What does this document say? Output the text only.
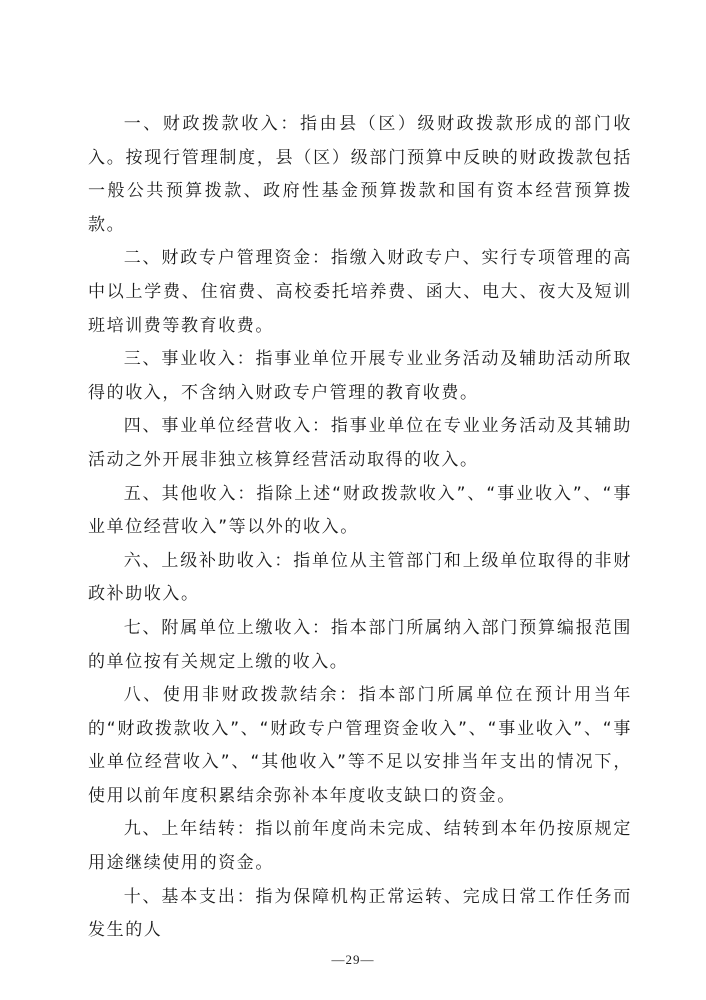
一、财政拨款收入：指由县（区）级财政拨款形成的部门收入。按现行管理制度，县（区）级部门预算中反映的财政拨款包括一般公共预算拨款、政府性基金预算拨款和国有资本经营预算拨款。

二、财政专户管理资金：指缴入财政专户、实行专项管理的高中以上学费、住宿费、高校委托培养费、函大、电大、夜大及短训班培训费等教育收费。

三、事业收入：指事业单位开展专业业务活动及辅助活动所取得的收入，不含纳入财政专户管理的教育收费。

四、事业单位经营收入：指事业单位在专业业务活动及其辅助活动之外开展非独立核算经营活动取得的收入。

五、其他收入：指除上述“财政拨款收入”、“事业收入”、“事业单位经营收入”等以外的收入。

六、上级补助收入：指单位从主管部门和上级单位取得的非财政补助收入。

七、附属单位上缴收入：指本部门所属纳入部门预算编报范围的单位按有关规定上缴的收入。

八、使用非财政拨款结余：指本部门所属单位在预计用当年的“财政拨款收入”、“财政专户管理资金收入”、“事业收入”、“事业单位经营收入”、“其他收入”等不足以安排当年支出的情况下，使用以前年度积累结余弥补本年度收支缺口的资金。

九、上年结转：指以前年度尚未完成、结转到本年仍按原规定用途继续使用的资金。

十、基本支出：指为保障机构正常运转、完成日常工作任务而发生的人

—29—
